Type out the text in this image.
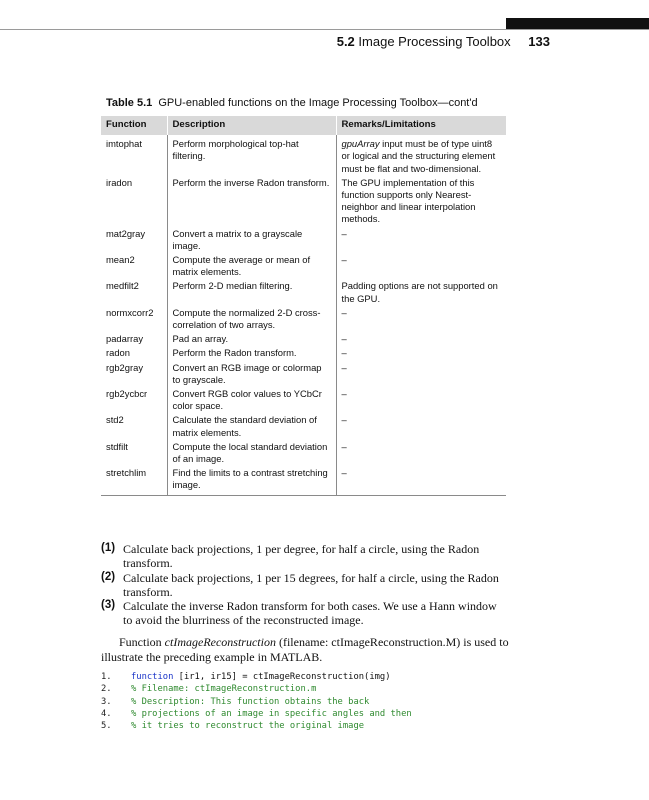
5.2 Image Processing Toolbox 133
Table 5.1 GPU-enabled functions on the Image Processing Toolbox—cont'd
Function	Description	Remarks/Limitations
imtophat	Perform morphological top-hat filtering.	gpuArray input must be of type uint8 or logical and the structuring element must be flat and two-dimensional.
iradon	Perform the inverse Radon transform.	The GPU implementation of this function supports only Nearest-neighbor and linear interpolation methods.
mat2gray	Convert a matrix to a grayscale image.	–
mean2	Compute the average or mean of matrix elements.	–
medfilt2	Perform 2-D median filtering.	Padding options are not supported on the GPU.
normxcorr2	Compute the normalized 2-D cross-correlation of two arrays.	–
padarray	Pad an array.	–
radon	Perform the Radon transform.	–
rgb2gray	Convert an RGB image or colormap to grayscale.	–
rgb2ycbcr	Convert RGB color values to YCbCr color space.	–
std2	Calculate the standard deviation of matrix elements.	–
stdfilt	Compute the local standard deviation of an image.	–
stretchlim	Find the limits to a contrast stretching image.	–
(1) Calculate back projections, 1 per degree, for half a circle, using the Radon transform.
(2) Calculate back projections, 1 per 15 degrees, for half a circle, using the Radon transform.
(3) Calculate the inverse Radon transform for both cases. We use a Hann window to avoid the blurriness of the reconstructed image.
Function ctImageReconstruction (filename: ctImageReconstruction.M) is used to illustrate the preceding example in MATLAB.
1. function [ir1, ir15] = ctImageReconstruction(img)
2. % Filename: ctImageReconstruction.m
3. % Description: This function obtains the back
4. % projections of an image in specific angles and then
5. % it tries to reconstruct the original image
